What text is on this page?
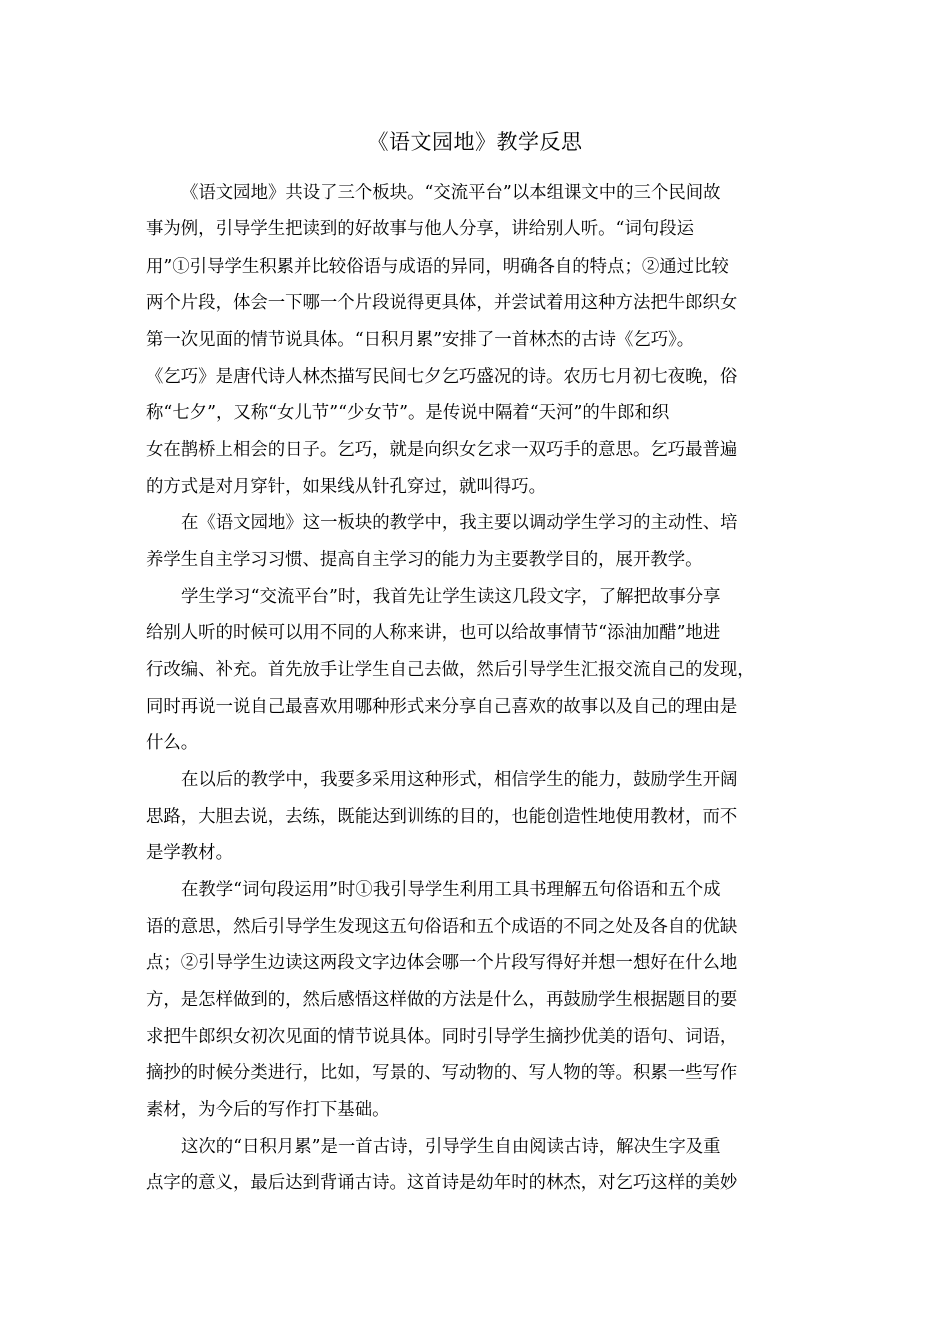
《语文园地》教学反思
《语文园地》共设了三个板块。“交流平台”以本组课文中的三个民间故
事为例，引导学生把读到的好故事与他人分享，讲给别人听。“词句段运
用”①引导学生积累并比较俗语与成语的异同，明确各自的特点；②通过比较
两个片段，体会一下哪一个片段说得更具体，并尝试着用这种方法把牛郎织女
第一次见面的情节说具体。“日积月累”安排了一首林杰的古诗《乞巧》。
《乞巧》是唐代诗人林杰描写民间七夕乞巧盛况的诗。农历七月初七夜晚，俗
称“七夕”，又称“女儿节”“少女节”。是传说中隔着“天河”的牛郎和织
女在鹊桥上相会的日子。乞巧，就是向织女乞求一双巧手的意思。乞巧最普遍
的方式是对月穿针，如果线从针孔穿过，就叫得巧。
在《语文园地》这一板块的教学中，我主要以调动学生学习的主动性、培
养学生自主学习习惯、提高自主学习的能力为主要教学目的，展开教学。
学生学习“交流平台”时，我首先让学生读这几段文字，了解把故事分享
给别人听的时候可以用不同的人称来讲，也可以给故事情节“添油加醋”地进
行改编、补充。首先放手让学生自己去做，然后引导学生汇报交流自己的发现，
同时再说一说自己最喜欢用哪种形式来分享自己喜欢的故事以及自己的理由是
什么。
在以后的教学中，我要多采用这种形式，相信学生的能力，鼓励学生开阔
思路，大胆去说，去练，既能达到训练的目的，也能创造性地使用教材，而不
是学教材。
在教学“词句段运用”时①我引导学生利用工具书理解五句俗语和五个成
语的意思，然后引导学生发现这五句俗语和五个成语的不同之处及各自的优缺
点；②引导学生边读这两段文字边体会哪一个片段写得好并想一想好在什么地
方，是怎样做到的，然后感悟这样做的方法是什么，再鼓励学生根据题目的要
求把牛郎织女初次见面的情节说具体。同时引导学生摘抄优美的语句、词语，
摘抄的时候分类进行，比如，写景的、写动物的、写人物的等。积累一些写作
素材，为今后的写作打下基础。
这次的“日积月累”是一首古诗，引导学生自由阅读古诗，解决生字及重
点字的意义，最后达到背诵古诗。这首诗是幼年时的林杰，对乞巧这样的美妙
